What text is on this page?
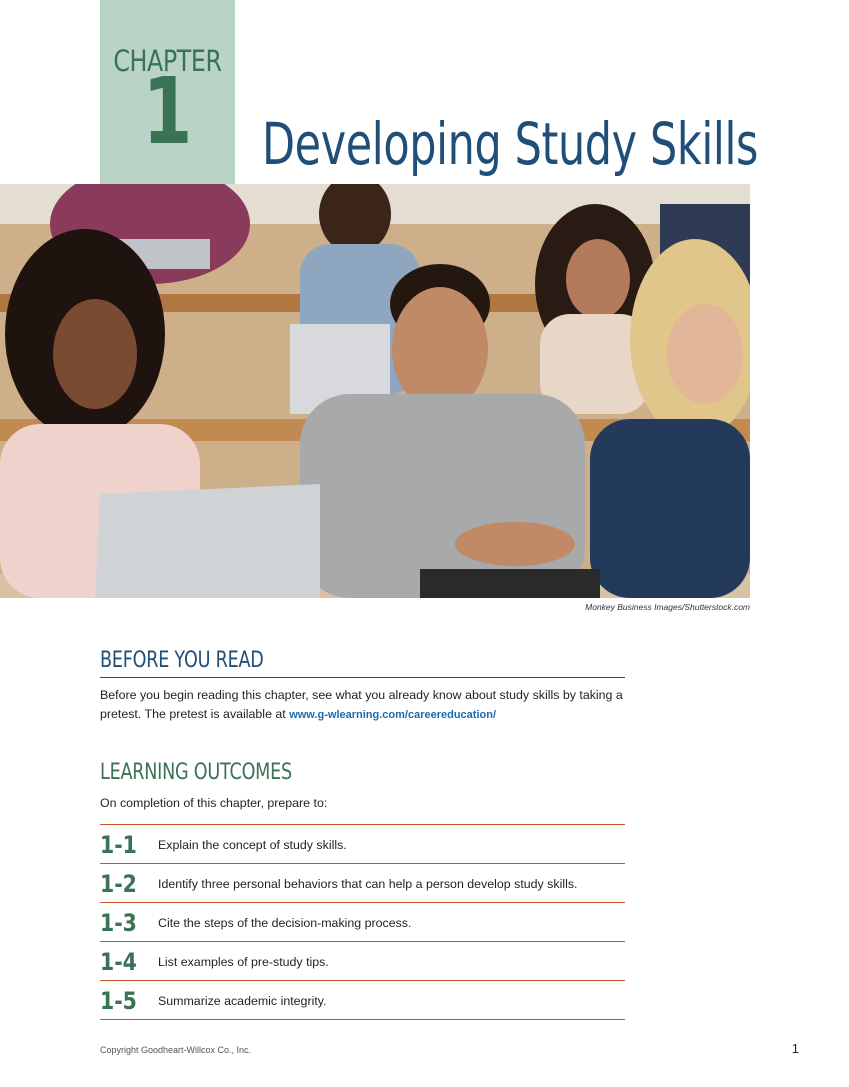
CHAPTER
1	Developing Study Skills
Monkey Business Images/Shutterstock.com
BEFORE YOU READ
Before you begin reading this chapter, see what you already know about study skills by taking a pretest. The pretest is available at www.g-wlearning.com/careereducation/
LEARNING OUTCOMES
On completion of this chapter, prepare to:
1-1	Explain the concept of study skills.
1-2	Identify three personal behaviors that can help a person develop study skills.
1-3	Cite the steps of the decision-making process.
1-4	List examples of pre-study tips.
1-5	Summarize academic integrity.
Copyright Goodheart-Willcox Co., Inc.	1
